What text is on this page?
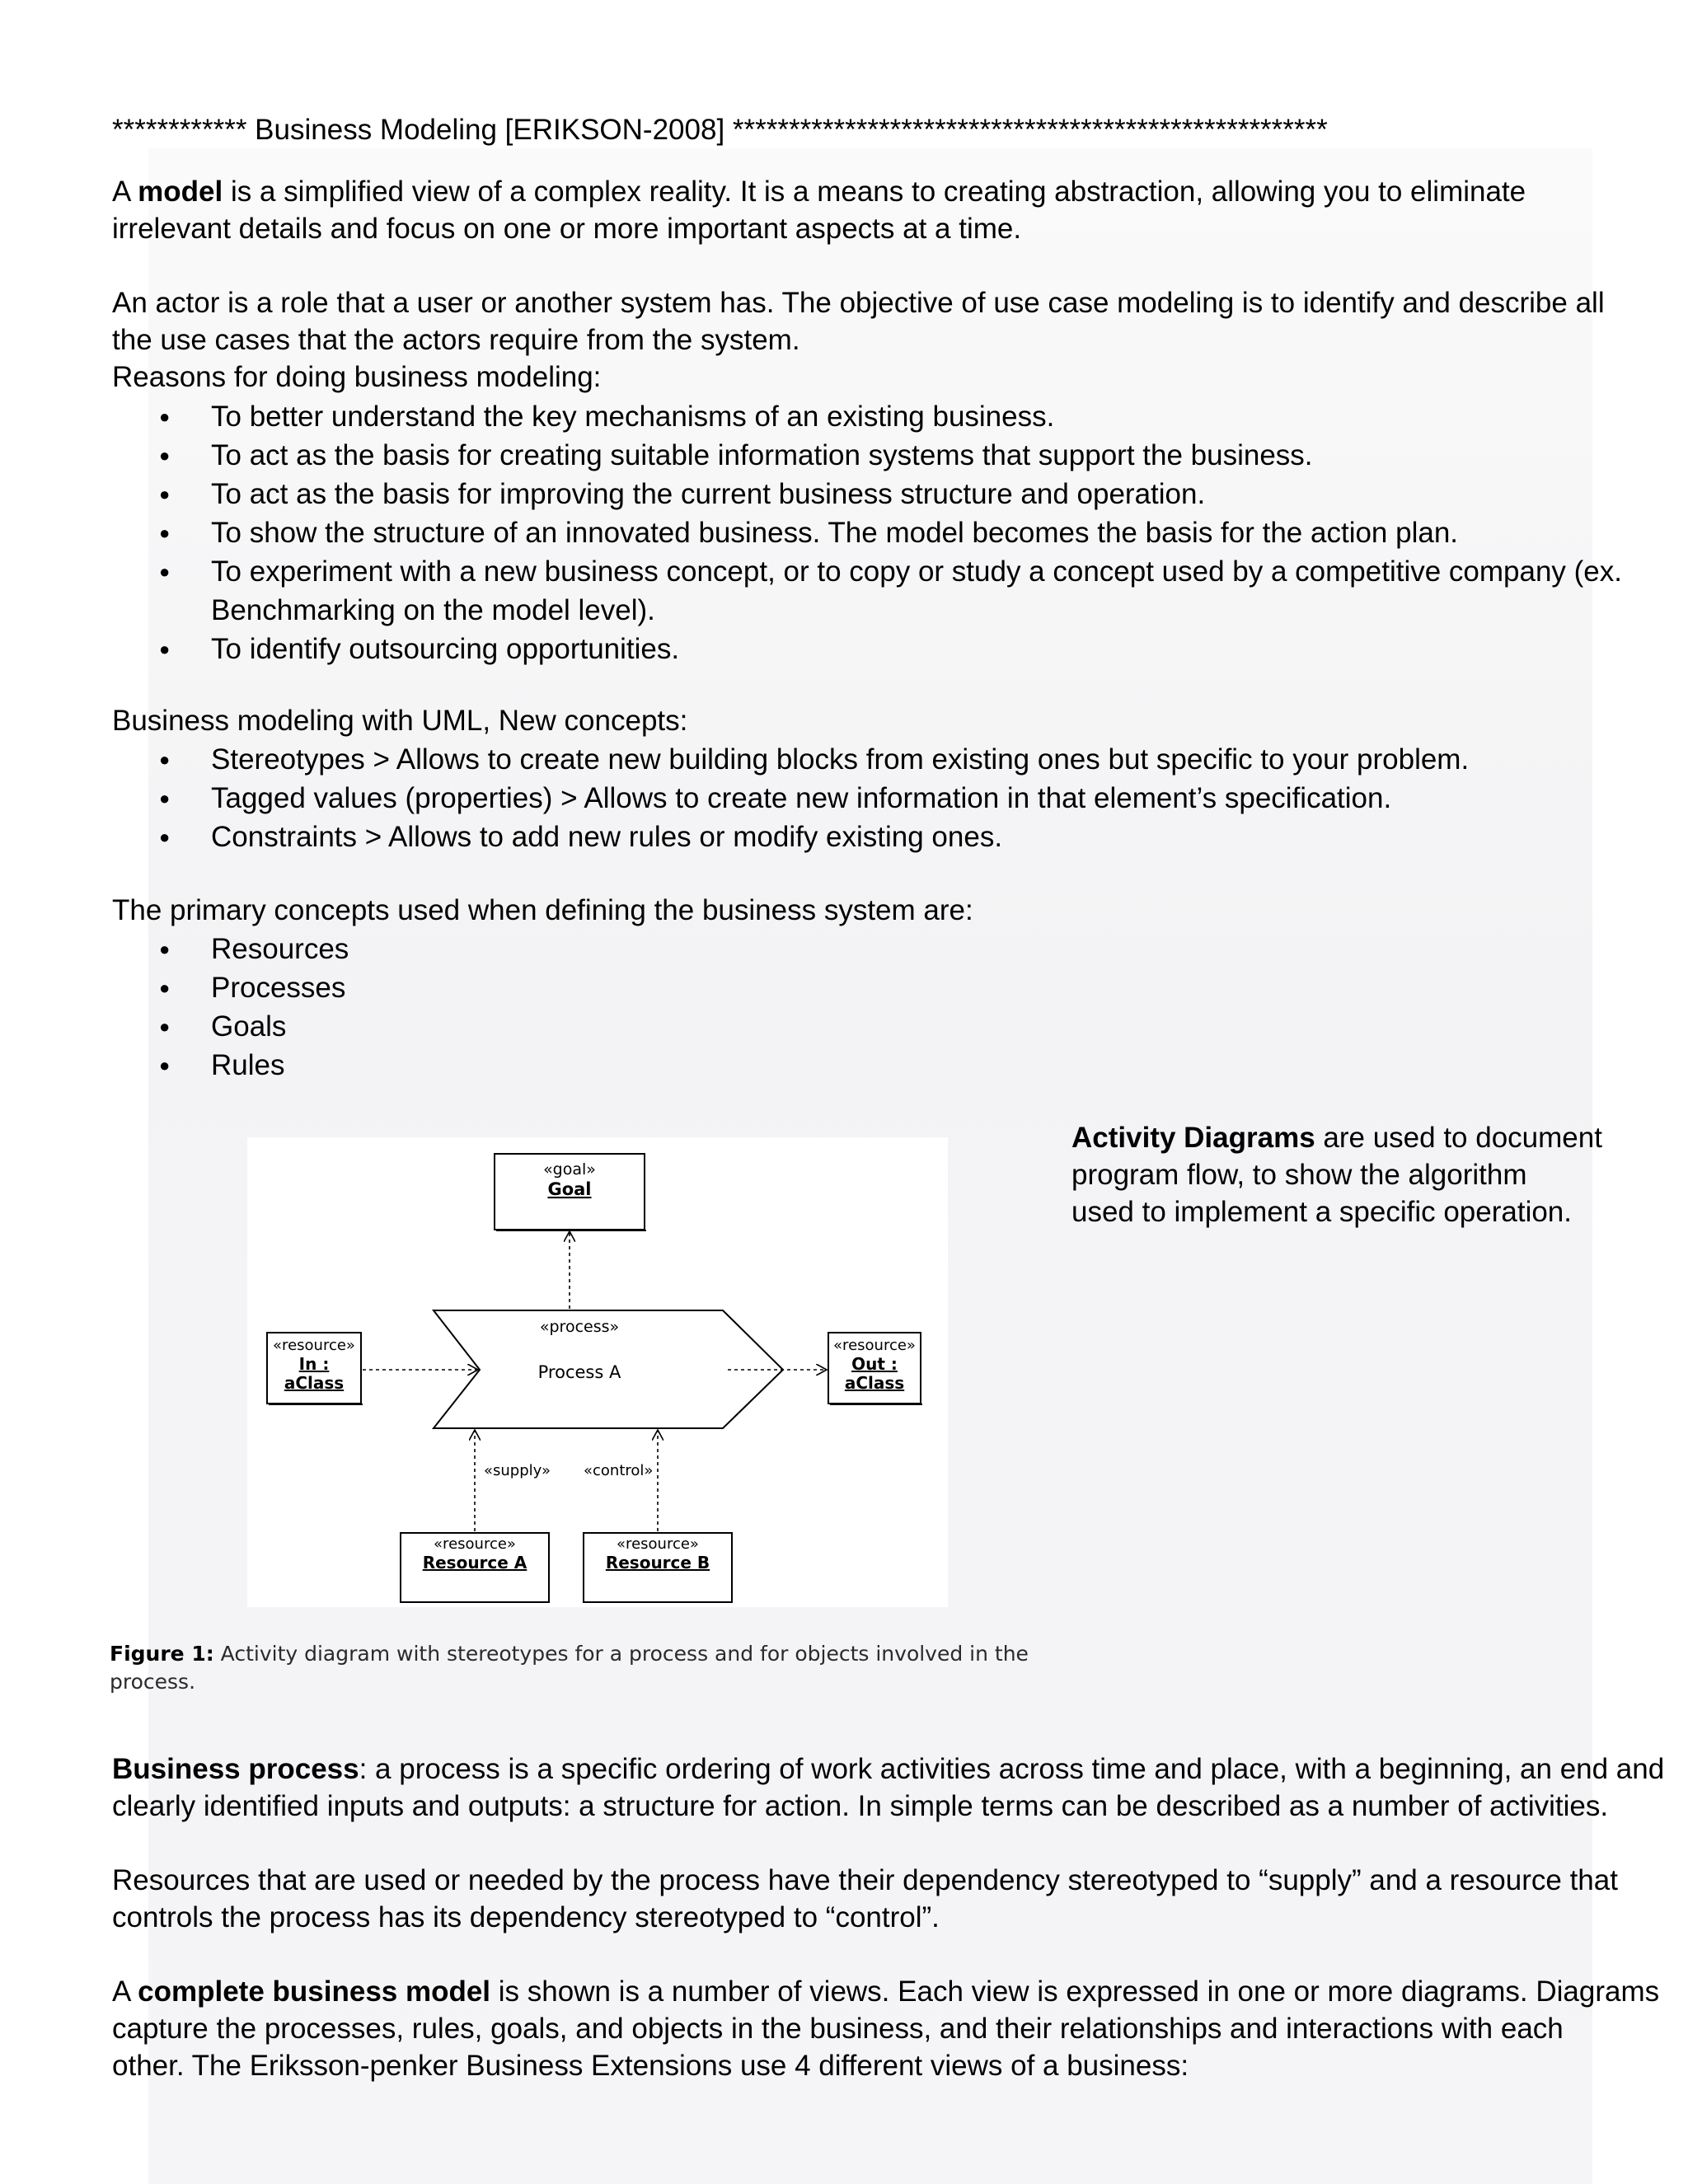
************ Business Modeling [ERIKSON-2008] *****************************************************

A model is a simplified view of a complex reality. It is a means to creating abstraction, allowing you to eliminate

irrelevant details and focus on one or more important aspects at a time.

An actor is a role that a user or another system has. The objective of use case modeling is to identify and describe all

the use cases that the actors require from the system.

Reasons for doing business modeling:

● To better understand the key mechanisms of an existing business.
● To act as the basis for creating suitable information systems that support the business.
● To act as the basis for improving the current business structure and operation.
● To show the structure of an innovated business. The model becomes the basis for the action plan.
● To experiment with a new business concept, or to copy or study a concept used by a competitive company (ex.
Benchmarking on the model level).
● To identify outsourcing opportunities.
Business modeling with UML, New concepts:
● Stereotypes > Allows to create new building blocks from existing ones but specific to your problem.
● Tagged values (properties) > Allows to create new information in that element’s specification.
● Constraints > Allows to add new rules or modify existing ones.
The primary concepts used when defining the business system are:
● Resources
● Processes
● Goals
● Rules
«goal»
Goal
«process»
Process A
«resource»
In :
aClass
«resource»
Out :
aClass
«resource»
Resource A
«resource»
Resource B
«supply» «control»
Figure 1: Activity diagram with stereotypes for a process and for objects involved in the
process.

Activity Diagrams are used to document

program flow, to show the algorithm

used to implement a specific operation.

Business process: a process is a specific ordering of work activities across time and place, with a beginning, an end and

clearly identified inputs and outputs: a structure for action. In simple terms can be described as a number of activities.

Resources that are used or needed by the process have their dependency stereotyped to “supply” and a resource that

controls the process has its dependency stereotyped to “control”.

A complete business model is shown is a number of views. Each view is expressed in one or more diagrams. Diagrams

capture the processes, rules, goals, and objects in the business, and their relationships and interactions with each

other. The Eriksson-penker Business Extensions use 4 different views of a business:
